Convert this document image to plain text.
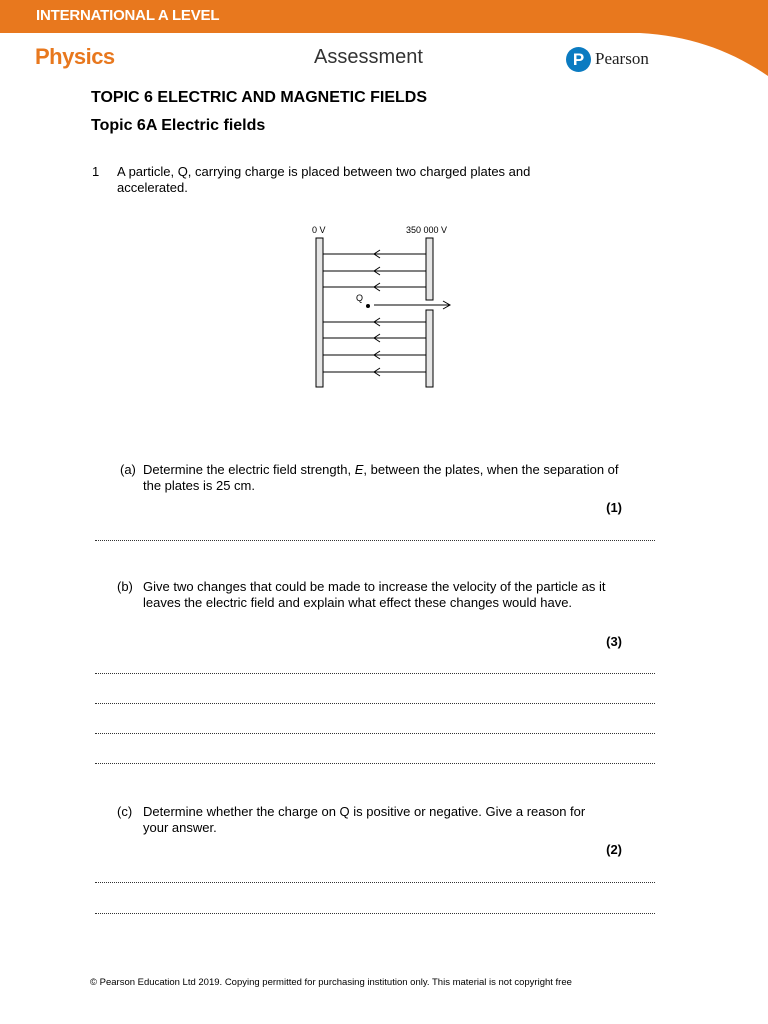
INTERNATIONAL A LEVEL
Physics	Assessment	P Pearson
TOPIC 6 ELECTRIC AND MAGNETIC FIELDS
Topic 6A Electric fields
1 A particle, Q, carrying charge is placed between two charged plates and accelerated.
0 V	350 000 V
Q
(a) Determine the electric field strength, E, between the plates, when the separation of the plates is 25 cm.
(1)
(b) Give two changes that could be made to increase the velocity of the particle as it leaves the electric field and explain what effect these changes would have.
(3)
(c) Determine whether the charge on Q is positive or negative. Give a reason for your answer.
(2)
© Pearson Education Ltd 2019. Copying permitted for purchasing institution only. This material is not copyright free
